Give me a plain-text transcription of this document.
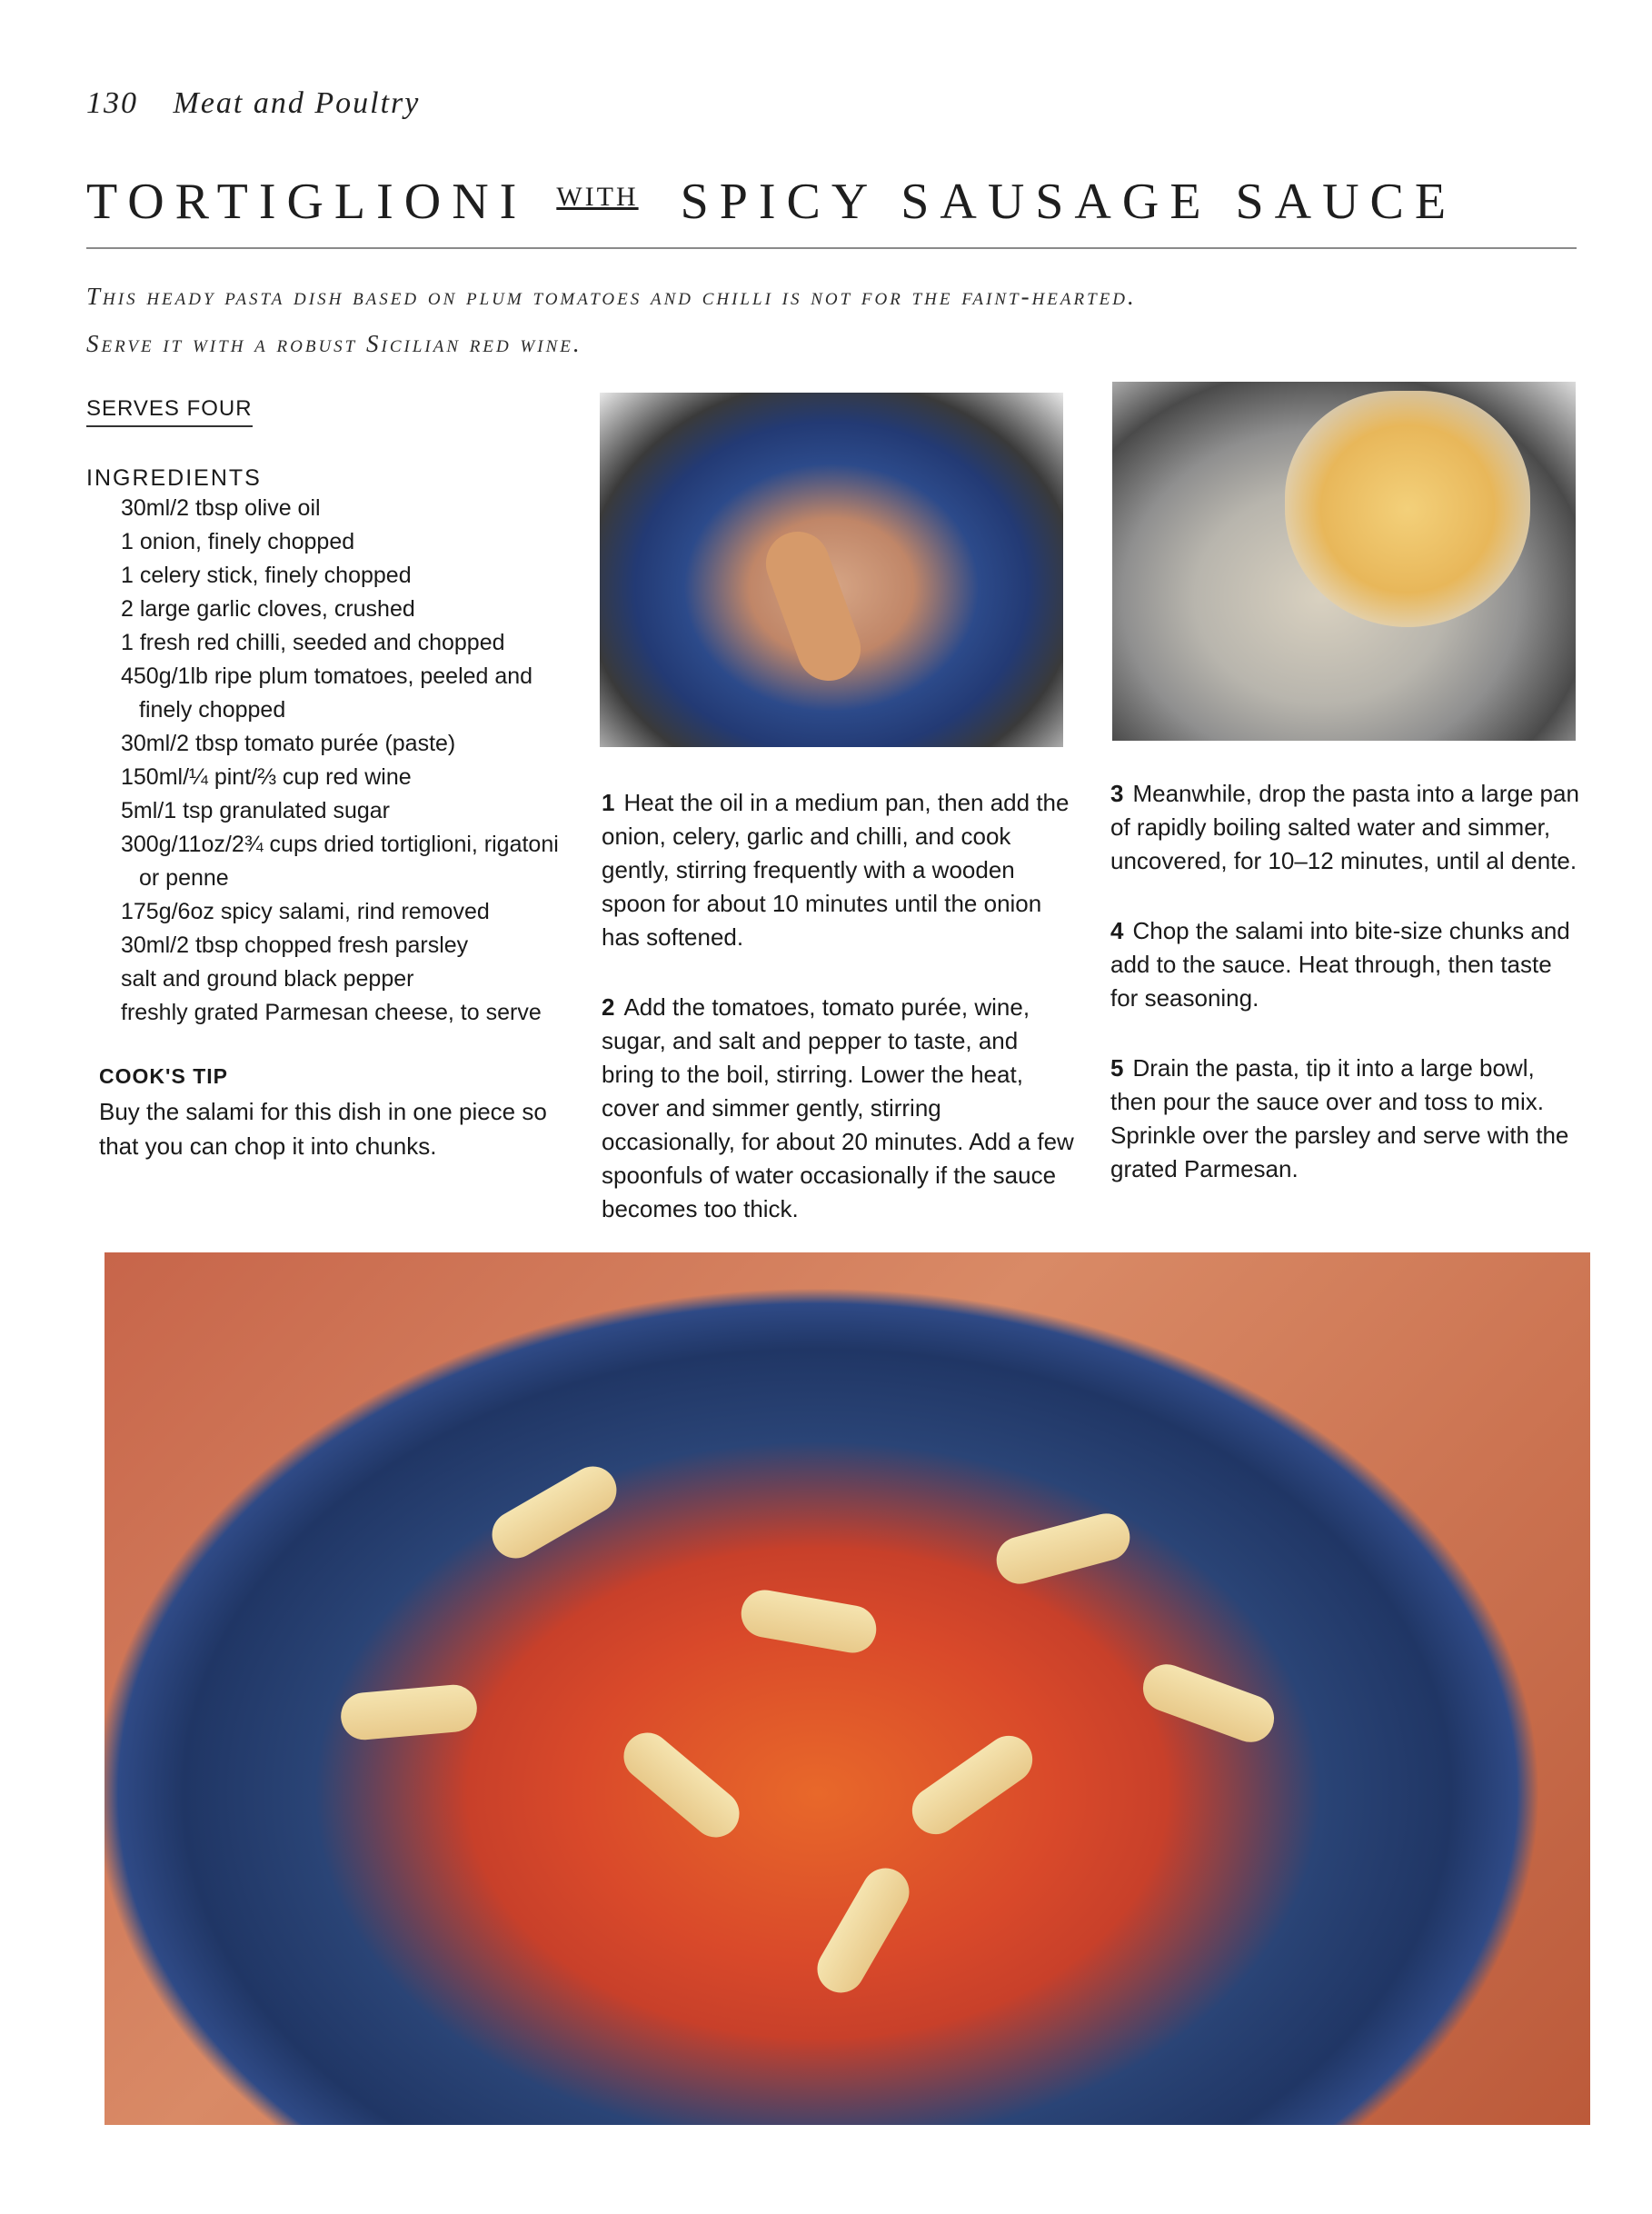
130 Meat and Poultry
TORTIGLIONI $^{WITH}$ SPICY SAUSAGE SAUCE
This heady pasta dish based on plum tomatoes and chilli is not for the faint-hearted.
Serve it with a robust Sicilian red wine.
SERVES FOUR
INGREDIENTS
30ml/2 tbsp olive oil
1 onion, finely chopped
1 celery stick, finely chopped
2 large garlic cloves, crushed
1 fresh red chilli, seeded and chopped
450g/1lb ripe plum tomatoes, peeled and finely chopped
30ml/2 tbsp tomato purée (paste)
150ml/¼ pint/⅔ cup red wine
5ml/1 tsp granulated sugar
300g/11oz/2¾ cups dried tortiglioni, rigatoni or penne
175g/6oz spicy salami, rind removed
30ml/2 tbsp chopped fresh parsley
salt and ground black pepper
freshly grated Parmesan cheese, to serve
COOK'S TIP
Buy the salami for this dish in one piece so that you can chop it into chunks.

1 Heat the oil in a medium pan, then add the onion, celery, garlic and chilli, and cook gently, stirring frequently with a wooden spoon for about 10 minutes until the onion has softened.

2 Add the tomatoes, tomato purée, wine, sugar, and salt and pepper to taste, and bring to the boil, stirring. Lower the heat, cover and simmer gently, stirring occasionally, for about 20 minutes. Add a few spoonfuls of water occasionally if the sauce becomes too thick.

3 Meanwhile, drop the pasta into a large pan of rapidly boiling salted water and simmer, uncovered, for 10–12 minutes, until al dente.

4 Chop the salami into bite-size chunks and add to the sauce. Heat through, then taste for seasoning.

5 Drain the pasta, tip it into a large bowl, then pour the sauce over and toss to mix. Sprinkle over the parsley and serve with the grated Parmesan.
